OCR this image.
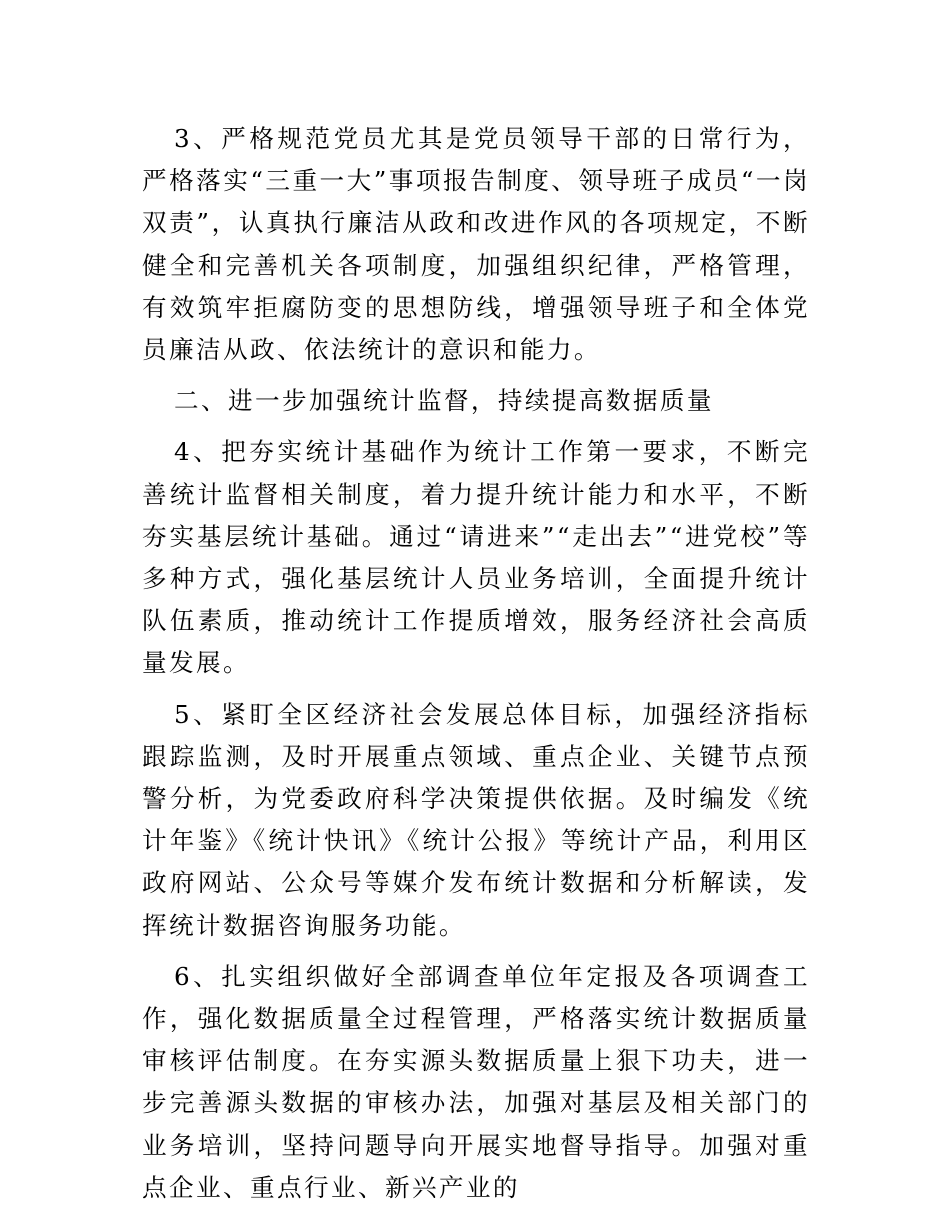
3、严格规范党员尤其是党员领导干部的日常行为，严格落实“三重一大”事项报告制度、领导班子成员“一岗双责”，认真执行廉洁从政和改进作风的各项规定，不断健全和完善机关各项制度，加强组织纪律，严格管理，有效筑牢拒腐防变的思想防线，增强领导班子和全体党员廉洁从政、依法统计的意识和能力。

二、进一步加强统计监督，持续提高数据质量

4、把夯实统计基础作为统计工作第一要求，不断完善统计监督相关制度，着力提升统计能力和水平，不断夯实基层统计基础。通过“请进来”“走出去”“进党校”等多种方式，强化基层统计人员业务培训，全面提升统计队伍素质，推动统计工作提质增效，服务经济社会高质量发展。

5、紧盯全区经济社会发展总体目标，加强经济指标跟踪监测，及时开展重点领域、重点企业、关键节点预警分析，为党委政府科学决策提供依据。及时编发《统计年鉴》《统计快讯》《统计公报》等统计产品，利用区政府网站、公众号等媒介发布统计数据和分析解读，发挥统计数据咨询服务功能。

6、扎实组织做好全部调查单位年定报及各项调查工作，强化数据质量全过程管理，严格落实统计数据质量审核评估制度。在夯实源头数据质量上狠下功夫，进一步完善源头数据的审核办法，加强对基层及相关部门的业务培训，坚持问题导向开展实地督导指导。加强对重点企业、重点行业、新兴产业的
